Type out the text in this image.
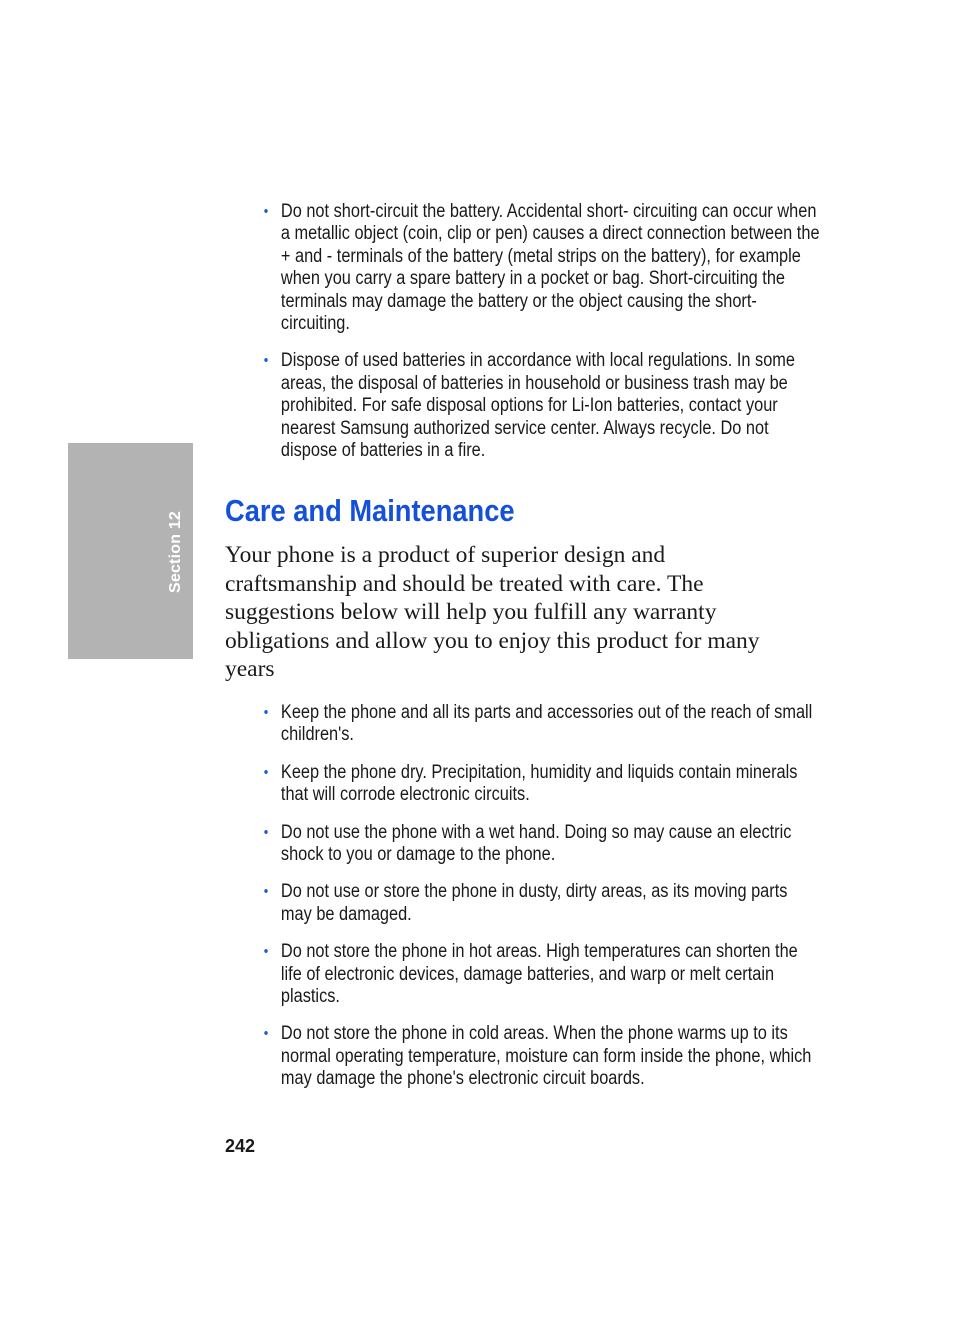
Section 12
• Do not short-circuit the battery. Accidental short- circuiting can occur when a metallic object (coin, clip or pen) causes a direct connection between the + and - terminals of the battery (metal strips on the battery), for example when you carry a spare battery in a pocket or bag. Short-circuiting the terminals may damage the battery or the object causing the short-circuiting.
• Dispose of used batteries in accordance with local regulations. In some areas, the disposal of batteries in household or business trash may be prohibited. For safe disposal options for Li-Ion batteries, contact your nearest Samsung authorized service center. Always recycle. Do not dispose of batteries in a fire.
Care and Maintenance

Your phone is a product of superior design and craftsmanship and should be treated with care. The suggestions below will help you fulfill any warranty obligations and allow you to enjoy this product for many years

• Keep the phone and all its parts and accessories out of the reach of small children's.
• Keep the phone dry. Precipitation, humidity and liquids contain minerals that will corrode electronic circuits.
• Do not use the phone with a wet hand. Doing so may cause an electric shock to you or damage to the phone.
• Do not use or store the phone in dusty, dirty areas, as its moving parts may be damaged.
• Do not store the phone in hot areas. High temperatures can shorten the life of electronic devices, damage batteries, and warp or melt certain plastics.
• Do not store the phone in cold areas. When the phone warms up to its normal operating temperature, moisture can form inside the phone, which may damage the phone's electronic circuit boards.
242
